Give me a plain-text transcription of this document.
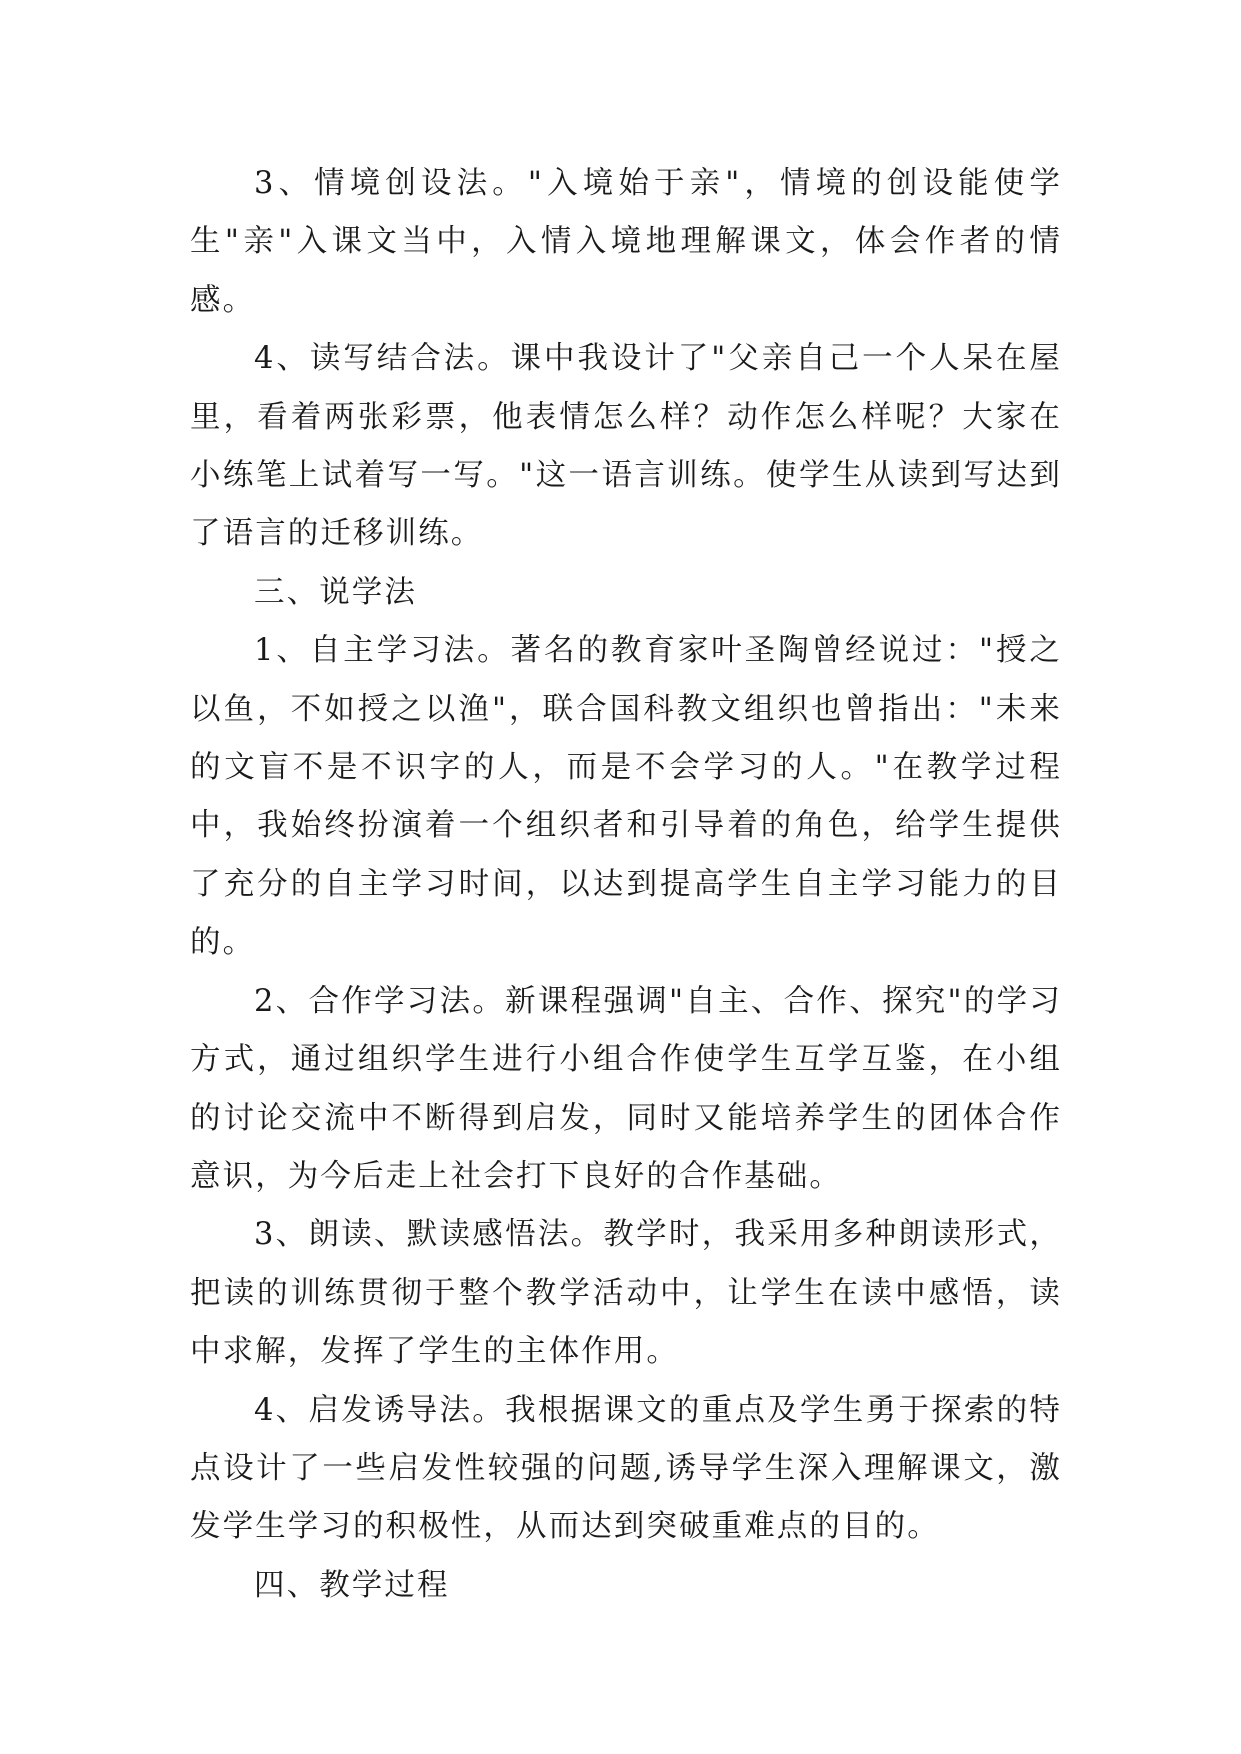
3、情境创设法。"入境始于亲"，情境的创设能使学生"亲"入课文当中，入情入境地理解课文，体会作者的情感。

4、读写结合法。课中我设计了"父亲自己一个人呆在屋里，看着两张彩票，他表情怎么样？动作怎么样呢？大家在小练笔上试着写一写。"这一语言训练。使学生从读到写达到了语言的迁移训练。

三、说学法

1、自主学习法。著名的教育家叶圣陶曾经说过："授之以鱼，不如授之以渔"，联合国科教文组织也曾指出："未来的文盲不是不识字的人，而是不会学习的人。"在教学过程中，我始终扮演着一个组织者和引导着的角色，给学生提供了充分的自主学习时间，以达到提高学生自主学习能力的目的。

2、合作学习法。新课程强调"自主、合作、探究"的学习方式，通过组织学生进行小组合作使学生互学互鉴，在小组的讨论交流中不断得到启发，同时又能培养学生的团体合作意识，为今后走上社会打下良好的合作基础。

3、朗读、默读感悟法。教学时，我采用多种朗读形式，把读的训练贯彻于整个教学活动中，让学生在读中感悟，读中求解，发挥了学生的主体作用。

4、启发诱导法。我根据课文的重点及学生勇于探索的特点设计了一些启发性较强的问题,诱导学生深入理解课文，激发学生学习的积极性，从而达到突破重难点的目的。

四、教学过程
